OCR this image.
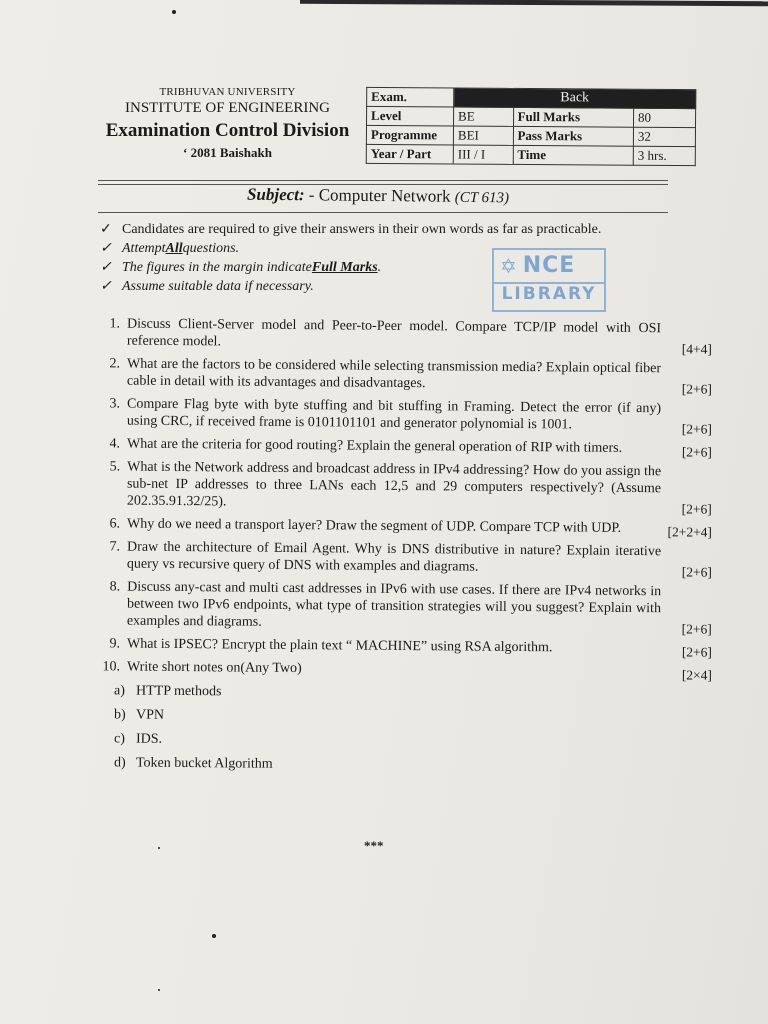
TRIBHUVAN UNIVERSITY
INSTITUTE OF ENGINEERING
Examination Control Division
‘ 2081 Baishakh
Exam.	Back		
Level	BE	Full Marks	80
Programme	BEI	Pass Marks	32
Year / Part	III / I	Time	3 hrs.
Subject: - Computer Network (CT 613)
✓ Candidates are required to give their answers in their own words as far as practicable.
✓ Attempt All questions.
✓ The figures in the margin indicate Full Marks .
✓ Assume suitable data if necessary.
✡ NCE
LIBRARY
1. Discuss Client-Server model and Peer-to-Peer model. Compare TCP/IP model with OSI reference model.	[4+4]
2. What are the factors to be considered while selecting transmission media? Explain optical fiber cable in detail with its advantages and disadvantages.	[2+6]
3. Compare Flag byte with byte stuffing and bit stuffing in Framing. Detect the error (if any) using CRC, if received frame is 0101101101 and generator polynomial is 1001.	[2+6]
4. What are the criteria for good routing? Explain the general operation of RIP with timers.	[2+6]
5. What is the Network address and broadcast address in IPv4 addressing? How do you assign the sub-net IP addresses to three LANs each 12,5 and 29 computers respectively? (Assume 202.35.91.32/25).	[2+6]
6. Why do we need a transport layer? Draw the segment of UDP. Compare TCP with UDP.	[2+2+4]
7. Draw the architecture of Email Agent. Why is DNS distributive in nature? Explain iterative query vs recursive query of DNS with examples and diagrams.	[2+6]
8. Discuss any-cast and multi cast addresses in IPv6 with use cases. If there are IPv4 networks in between two IPv6 endpoints, what type of transition strategies will you suggest? Explain with examples and diagrams.	[2+6]
9. What is IPSEC? Encrypt the plain text “ MACHINE” using RSA algorithm.	[2+6]
10. Write short notes on(Any Two)	[2×4]
a) HTTP methods
b) VPN
c) IDS.
d) Token bucket Algorithm
***
